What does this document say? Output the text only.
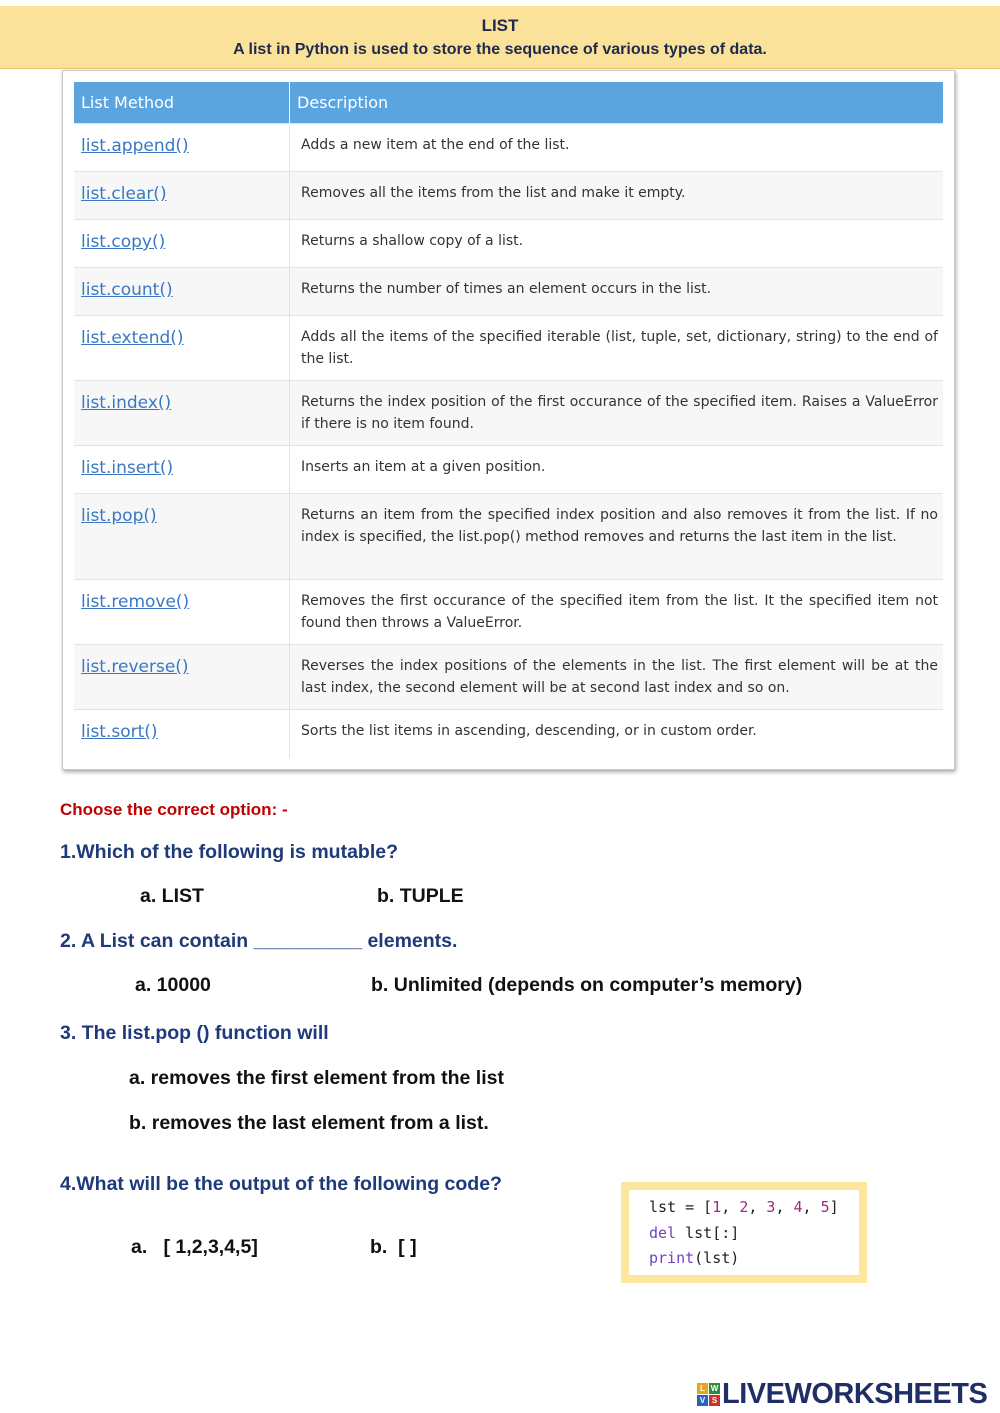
LIST
A list in Python is used to store the sequence of various types of data.
List Method	Description
list.append()	Adds a new item at the end of the list.
list.clear()	Removes all the items from the list and make it empty.
list.copy()	Returns a shallow copy of a list.
list.count()	Returns the number of times an element occurs in the list.
list.extend()	Adds all the items of the specified iterable (list, tuple, set, dictionary, string) to the end of the list.
list.index()	Returns the index position of the first occurance of the specified item. Raises a ValueError if there is no item found.
list.insert()	Inserts an item at a given position.
list.pop()	Returns an item from the specified index position and also removes it from the list. If no index is specified, the list.pop() method removes and returns the last item in the list.
list.remove()	Removes the first occurance of the specified item from the list. It the specified item not found then throws a ValueError.
list.reverse()	Reverses the index positions of the elements in the list. The first element will be at the last index, the second element will be at second last index and so on.
list.sort()	Sorts the list items in ascending, descending, or in custom order.
Choose the correct option: -
1.Which of the following is mutable?
a. LIST	b. TUPLE
2. A List can contain __________ elements.
a. 10000	b. Unlimited (depends on computer’s memory)
3. The list.pop () function will
a. removes the first element from the list
b. removes the last element from a list.
4.What will be the output of the following code?
a.   [ 1,2,3,4,5]	b.  [ ]
lst = [1, 2, 3, 4, 5]
del lst[:]
print(lst)
L W
V S LIVEWORKSHEETS
